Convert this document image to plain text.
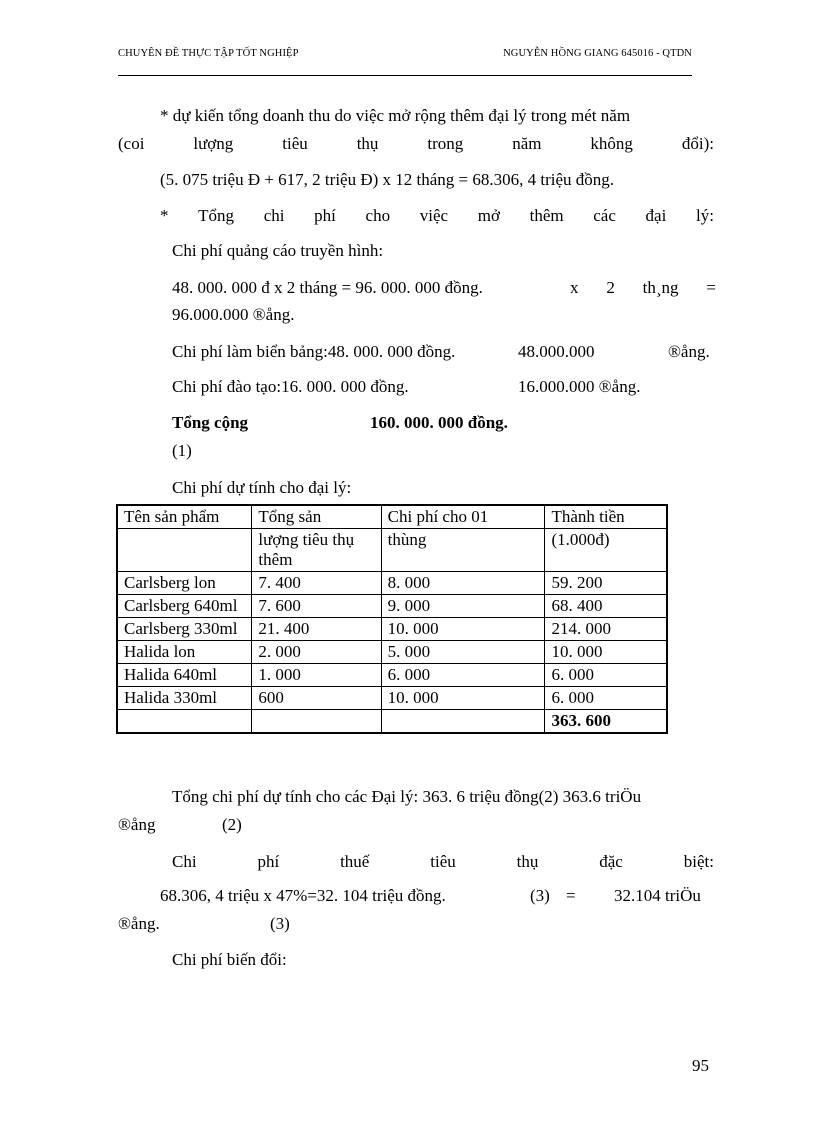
CHUYÊN ĐỀ THỰC TẬP TỐT NGHIỆP	NGUYỄN HỒNG GIANG 645016 - QTDN
* dự kiến tổng doanh thu do việc mở rộng thêm đại lý trong mét năm
(coi	lượng	tiêu	thụ	trong	năm	không	đổi):
(5. 075 triệu Đ + 617, 2 triệu Đ) x 12 tháng = 68.306, 4 triệu đồng.
* Tổng chi phí cho việc mở thêm các đại lý:
Chi phí quảng cáo truyền hình:
48. 000. 000 đ x 2 tháng = 96. 000. 000 đồng.	x 2 th¸ng =
96.000.000 ®ång.
Chi phí làm biển bảng:48. 000. 000 đồng.	48.000.000	®ång.
Chi phí đào tạo:16. 000. 000 đồng.	16.000.000 ®ång.
Tổng cộng	160. 000. 000 đồng.
(1)
Chi phí dự tính cho đại lý:
Tên sản phẩm	Tổng sản	Chi phí cho 01	Thành tiền
	lượng tiêu thụ thêm	thùng	(1.000đ)
Carlsberg lon	7. 400	8. 000	59. 200
Carlsberg 640ml	7. 600	9. 000	68. 400
Carlsberg 330ml	21. 400	10. 000	214. 000
Halida lon	2. 000	5. 000	10. 000
Halida 640ml	1. 000	6. 000	6. 000
Halida 330ml	600	10. 000	6. 000
			363. 600
Tổng chi phí dự tính cho các Đại lý: 363. 6 triệu đồng(2) 363.6 triÖu
®ång	(2)
Chi	phí	thuế	tiêu	thụ	đặc	biệt:
68.306, 4 triệu x 47%=32. 104 triệu đồng.	(3) = 32.104 triÖu
®ång.	(3)
Chi phí biến đổi:
95
